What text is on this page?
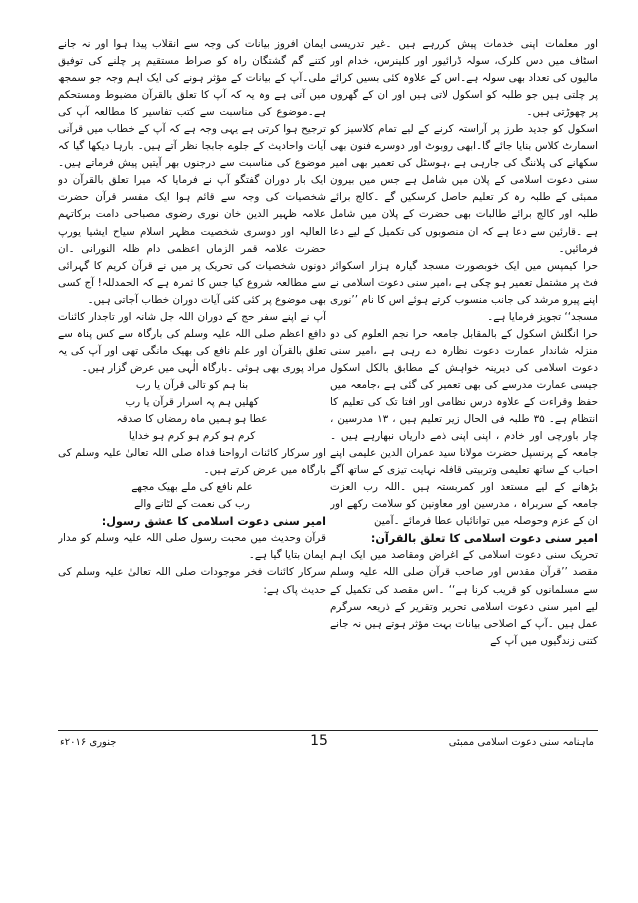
اور معلمات اپنی خدمات پیش کررہے ہیں ۔غیر تدریسی اسٹاف میں دس کلرک، سولہ ڈرائیور اور کلینرس، خدام اور مالیوں کی تعداد بھی سولہ ہے۔اس کے علاوہ کئی بسیں کرائے پر چلتی ہیں جو طلبہ کو اسکول لاتی ہیں اور ان کے گھروں پر چھوڑتی ہیں۔

اسکول کو جدید طرز پر آراستہ کرنے کے لیے تمام کلاسیز کو اسمارٹ کلاس بنایا جائے گا۔ابھی روبوٹ اور دوسرے فنون بھی سکھانے کی پلاننگ کی جارہی ہے ،ہوسٹل کی تعمیر بھی امیر سنی دعوت اسلامی کے پلان میں شامل ہے جس میں بیرون ممبئی کے طلبہ رہ کر تعلیم حاصل کرسکیں گے ۔کالج برائے طلبہ اور کالج برائے طالبات بھی حضرت کے پلان میں شامل ہے ۔قارئین سے دعا ہے کہ ان منصوبوں کی تکمیل کے لیے دعا فرمائیں۔

حرا کیمپس میں ایک خوبصورت مسجد گیارہ ہزار اسکوائر فٹ پر مشتمل تعمیر ہو چکی ہے ،امیر سنی دعوت اسلامی نے اپنے پیرو مرشد کی جانب منسوب کرتے ہوئے اس کا نام ’’نوری مسجد‘‘ تجویز فرمایا ہے۔

حرا انگلش اسکول کے بالمقابل جامعہ حرا نجم العلوم کی دو منزلہ شاندار عمارت دعوت نظارہ دے رہی ہے ،امیر سنی دعوت اسلامی کی دیرینہ خواہش کے مطابق بالکل اسکول جیسی عمارت مدرسے کی بھی تعمیر کی گئی ہے ،جامعہ میں حفظ وقراءت کے علاوہ درس نظامی اور افتا تک کی تعلیم کا انتظام ہے۔ ۳۵ طلبہ فی الحال زیر تعلیم ہیں ، ۱۳ مدرسین ، چار باورچی اور خادم ، اپنی اپنی ذمے داریاں نبھارہے ہیں ۔ جامعہ کے پرنسپل حضرت مولانا سید عمران الدین علیمی اپنے احباب کے ساتھ تعلیمی وتربیتی قافلہ نہایت تیزی کے ساتھ آگے بڑھانے کے لیے مستعد اور کمربستہ ہیں ۔اللہ رب العزت جامعہ کے سربراہ ، مدرسین اور معاونین کو سلامت رکھے اور ان کے عزم وحوصلہ میں توانائیاں عطا فرمائے ۔آمین

امیر سنی دعوت اسلامی کا تعلق بالقرآن:

تحریک سنی دعوت اسلامی کے اغراض ومقاصد میں ایک اہم مقصد ’’قرآن مقدس اور صاحب قرآن صلی اللہ علیہ وسلم سے مسلمانوں کو قریب کرنا ہے‘‘ ۔اس مقصد کی تکمیل کے لیے امیر سنی دعوت اسلامی تحریر وتقریر کے ذریعہ سرگرم عمل ہیں ۔آپ کے اصلاحی بیانات بہت مؤثر ہوتے ہیں نہ جانے کتنی زندگیوں میں آپ کے

ایمان افروز بیانات کی وجہ سے انقلاب پیدا ہوا اور نہ جانے کتنے گم گشتگان راہ کو صراط مستقیم پر چلنے کی توفیق ملی۔آپ کے بیانات کے مؤثر ہونے کی ایک اہم وجہ جو سمجھ میں آتی ہے وہ یہ کہ آپ کا تعلق بالقرآن مضبوط ومستحکم ہے۔موضوع کی مناسبت سے کتب تفاسیر کا مطالعہ آپ کی ترجیح ہوا کرتی ہے یہی وجہ ہے کہ آپ کے خطاب میں قرآنی آیات واحادیث کے جلوے جابجا نظر آتے ہیں۔ بارہا دیکھا گیا کہ موضوع کی مناسبت سے درجنوں بھر آیتیں پیش فرماتے ہیں۔ ایک بار دوران گفتگو آپ نے فرمایا کہ میرا تعلق بالقرآن دو شخصیات کی وجہ سے قائم ہوا ایک مفسر قرآن حضرت علامہ ظہیر الدین خان نوری رضوی مصباحی دامت برکاتہم العالیہ اور دوسری شخصیت مظہر اسلام سیاح ایشیا یورپ حضرت علامہ قمر الزماں اعظمی دام ظلہ النورانی ۔ان دونوں شخصیات کی تحریک پر میں نے قرآن کریم کا گہرائی سے مطالعہ شروع کیا جس کا ثمرہ ہے کہ الحمدللہ! آج کسی بھی موضوع پر کئی کئی آیات دوران خطاب آجاتی ہیں۔

آپ نے اپنے سفر حج کے دوران اللہ جل شانہ اور تاجدار کائنات دافع اعظم صلی اللہ علیہ وسلم کی بارگاہ سے کس پناہ سے تعلق بالقرآن اور علم نافع کی بھیک مانگی تھی اور آپ کی یہ مراد پوری بھی ہوئی ۔بارگاہ الٰہی میں عرض گزار ہیں۔

بنا ہم کو تالی قرآن یا رب

کھلیں ہم پہ اسرار قرآن یا رب

عطا ہو ہمیں ماہ رمضاں کا صدقہ

کرم ہو کرم ہو کرم ہو خدایا

اور سرکار کائنات ارواحنا فداہ صلی اللہ تعالیٰ علیہ وسلم کی بارگاہ میں عرض کرتے ہیں۔

علم نافع کی ملے بھیک مجھے

رب کی نعمت کے لٹانے والے

امیر سنی دعوت اسلامی کا عشق رسول:

قرآن وحدیث میں محبت رسول صلی اللہ علیہ وسلم کو مدار ایمان بتایا گیا ہے۔

سرکار کائنات فخر موجودات صلی اللہ تعالیٰ علیہ وسلم کی حدیث پاک ہے:

ماہنامہ سنی دعوت اسلامی ممبئی
15
جنوری ۲۰۱۶ء
